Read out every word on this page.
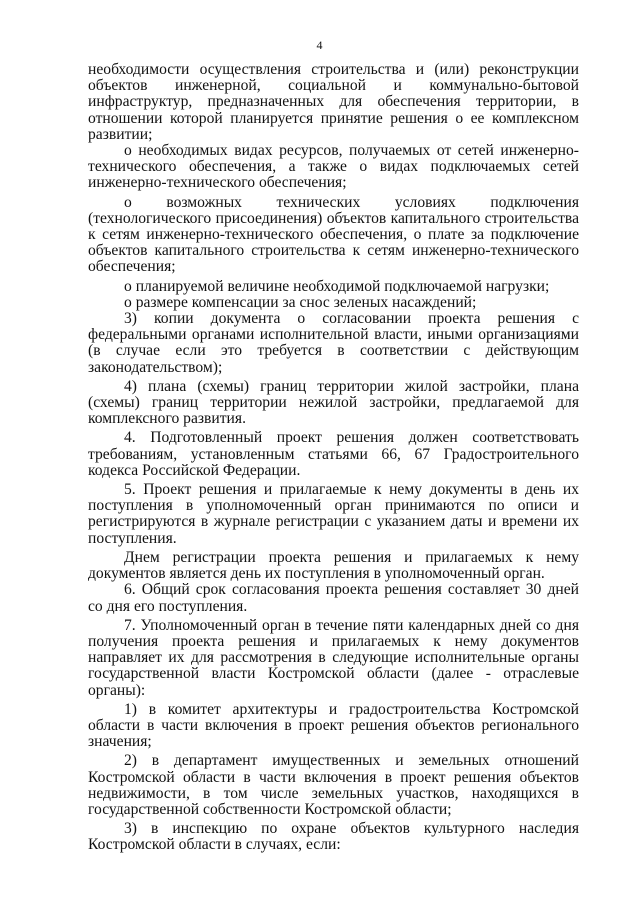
4

необходимости осуществления строительства и (или) реконструкции объектов инженерной, социальной и коммунально-бытовой инфраструктур, предназначенных для обеспечения территории, в отношении которой планируется принятие решения о ее комплексном развитии;

о необходимых видах ресурсов, получаемых от сетей инженерно-технического обеспечения, а также о видах подключаемых сетей инженерно-технического обеспечения;

о возможных технических условиях подключения (технологического присоединения) объектов капитального строительства к сетям инженерно-технического обеспечения, о плате за подключение объектов капитального строительства к сетям инженерно-технического обеспечения;

о планируемой величине необходимой подключаемой нагрузки;

о размере компенсации за снос зеленых насаждений;

3) копии документа о согласовании проекта решения с федеральными органами исполнительной власти, иными организациями (в случае если это требуется в соответствии с действующим законодательством);

4) плана (схемы) границ территории жилой застройки, плана (схемы) границ территории нежилой застройки, предлагаемой для комплексного развития.

4. Подготовленный проект решения должен соответствовать требованиям, установленным статьями 66, 67 Градостроительного кодекса Российской Федерации.

5. Проект решения и прилагаемые к нему документы в день их поступления в уполномоченный орган принимаются по описи и регистрируются в журнале регистрации с указанием даты и времени их поступления.

Днем регистрации проекта решения и прилагаемых к нему документов является день их поступления в уполномоченный орган.

6. Общий срок согласования проекта решения составляет 30 дней со дня его поступления.

7. Уполномоченный орган в течение пяти календарных дней со дня получения проекта решения и прилагаемых к нему документов направляет их для рассмотрения в следующие исполнительные органы государственной власти Костромской области (далее - отраслевые органы):

1) в комитет архитектуры и градостроительства Костромской области в части включения в проект решения объектов регионального значения;

2) в департамент имущественных и земельных отношений Костромской области в части включения в проект решения объектов недвижимости, в том числе земельных участков, находящихся в государственной собственности Костромской области;

3) в инспекцию по охране объектов культурного наследия Костромской области в случаях, если:
